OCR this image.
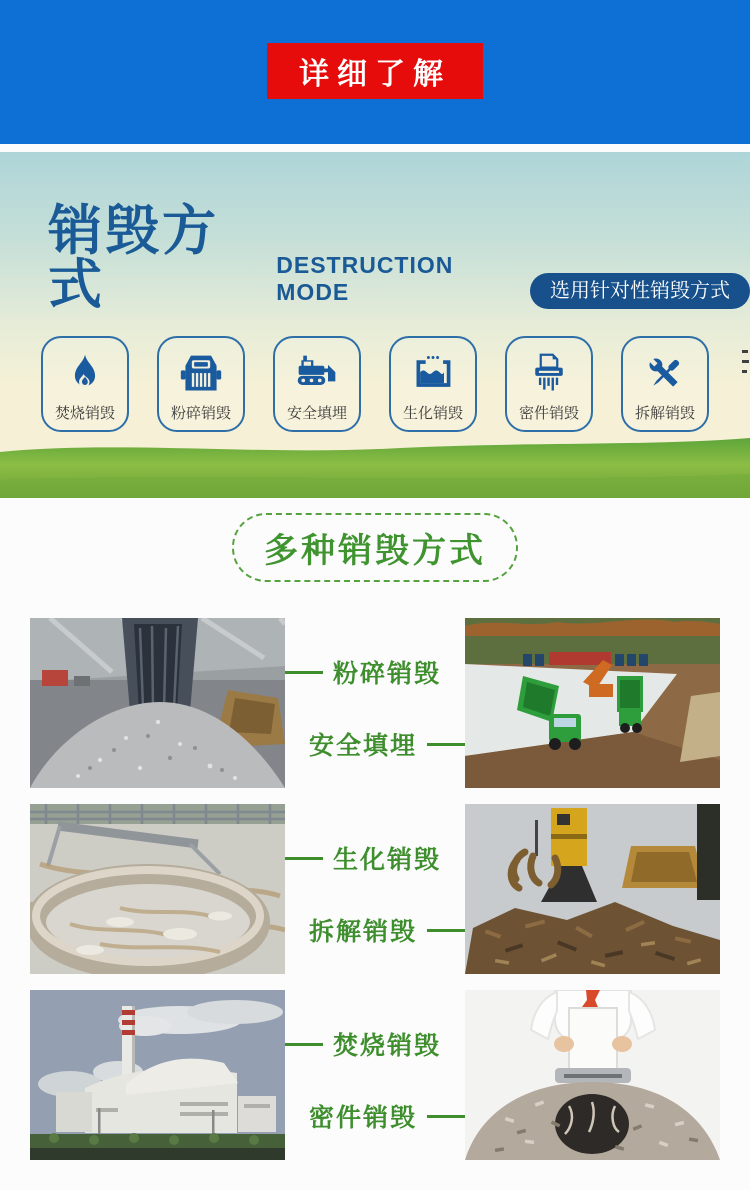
详细了解
销毁方式	DESTRUCTION MODE	选用针对性销毁方式
焚烧销毁	粉碎销毁	安全填埋	生化销毁	密件销毁	拆解销毁
多种销毁方式
粉碎销毁
安全填埋
生化销毁
拆解销毁
焚烧销毁
密件销毁
